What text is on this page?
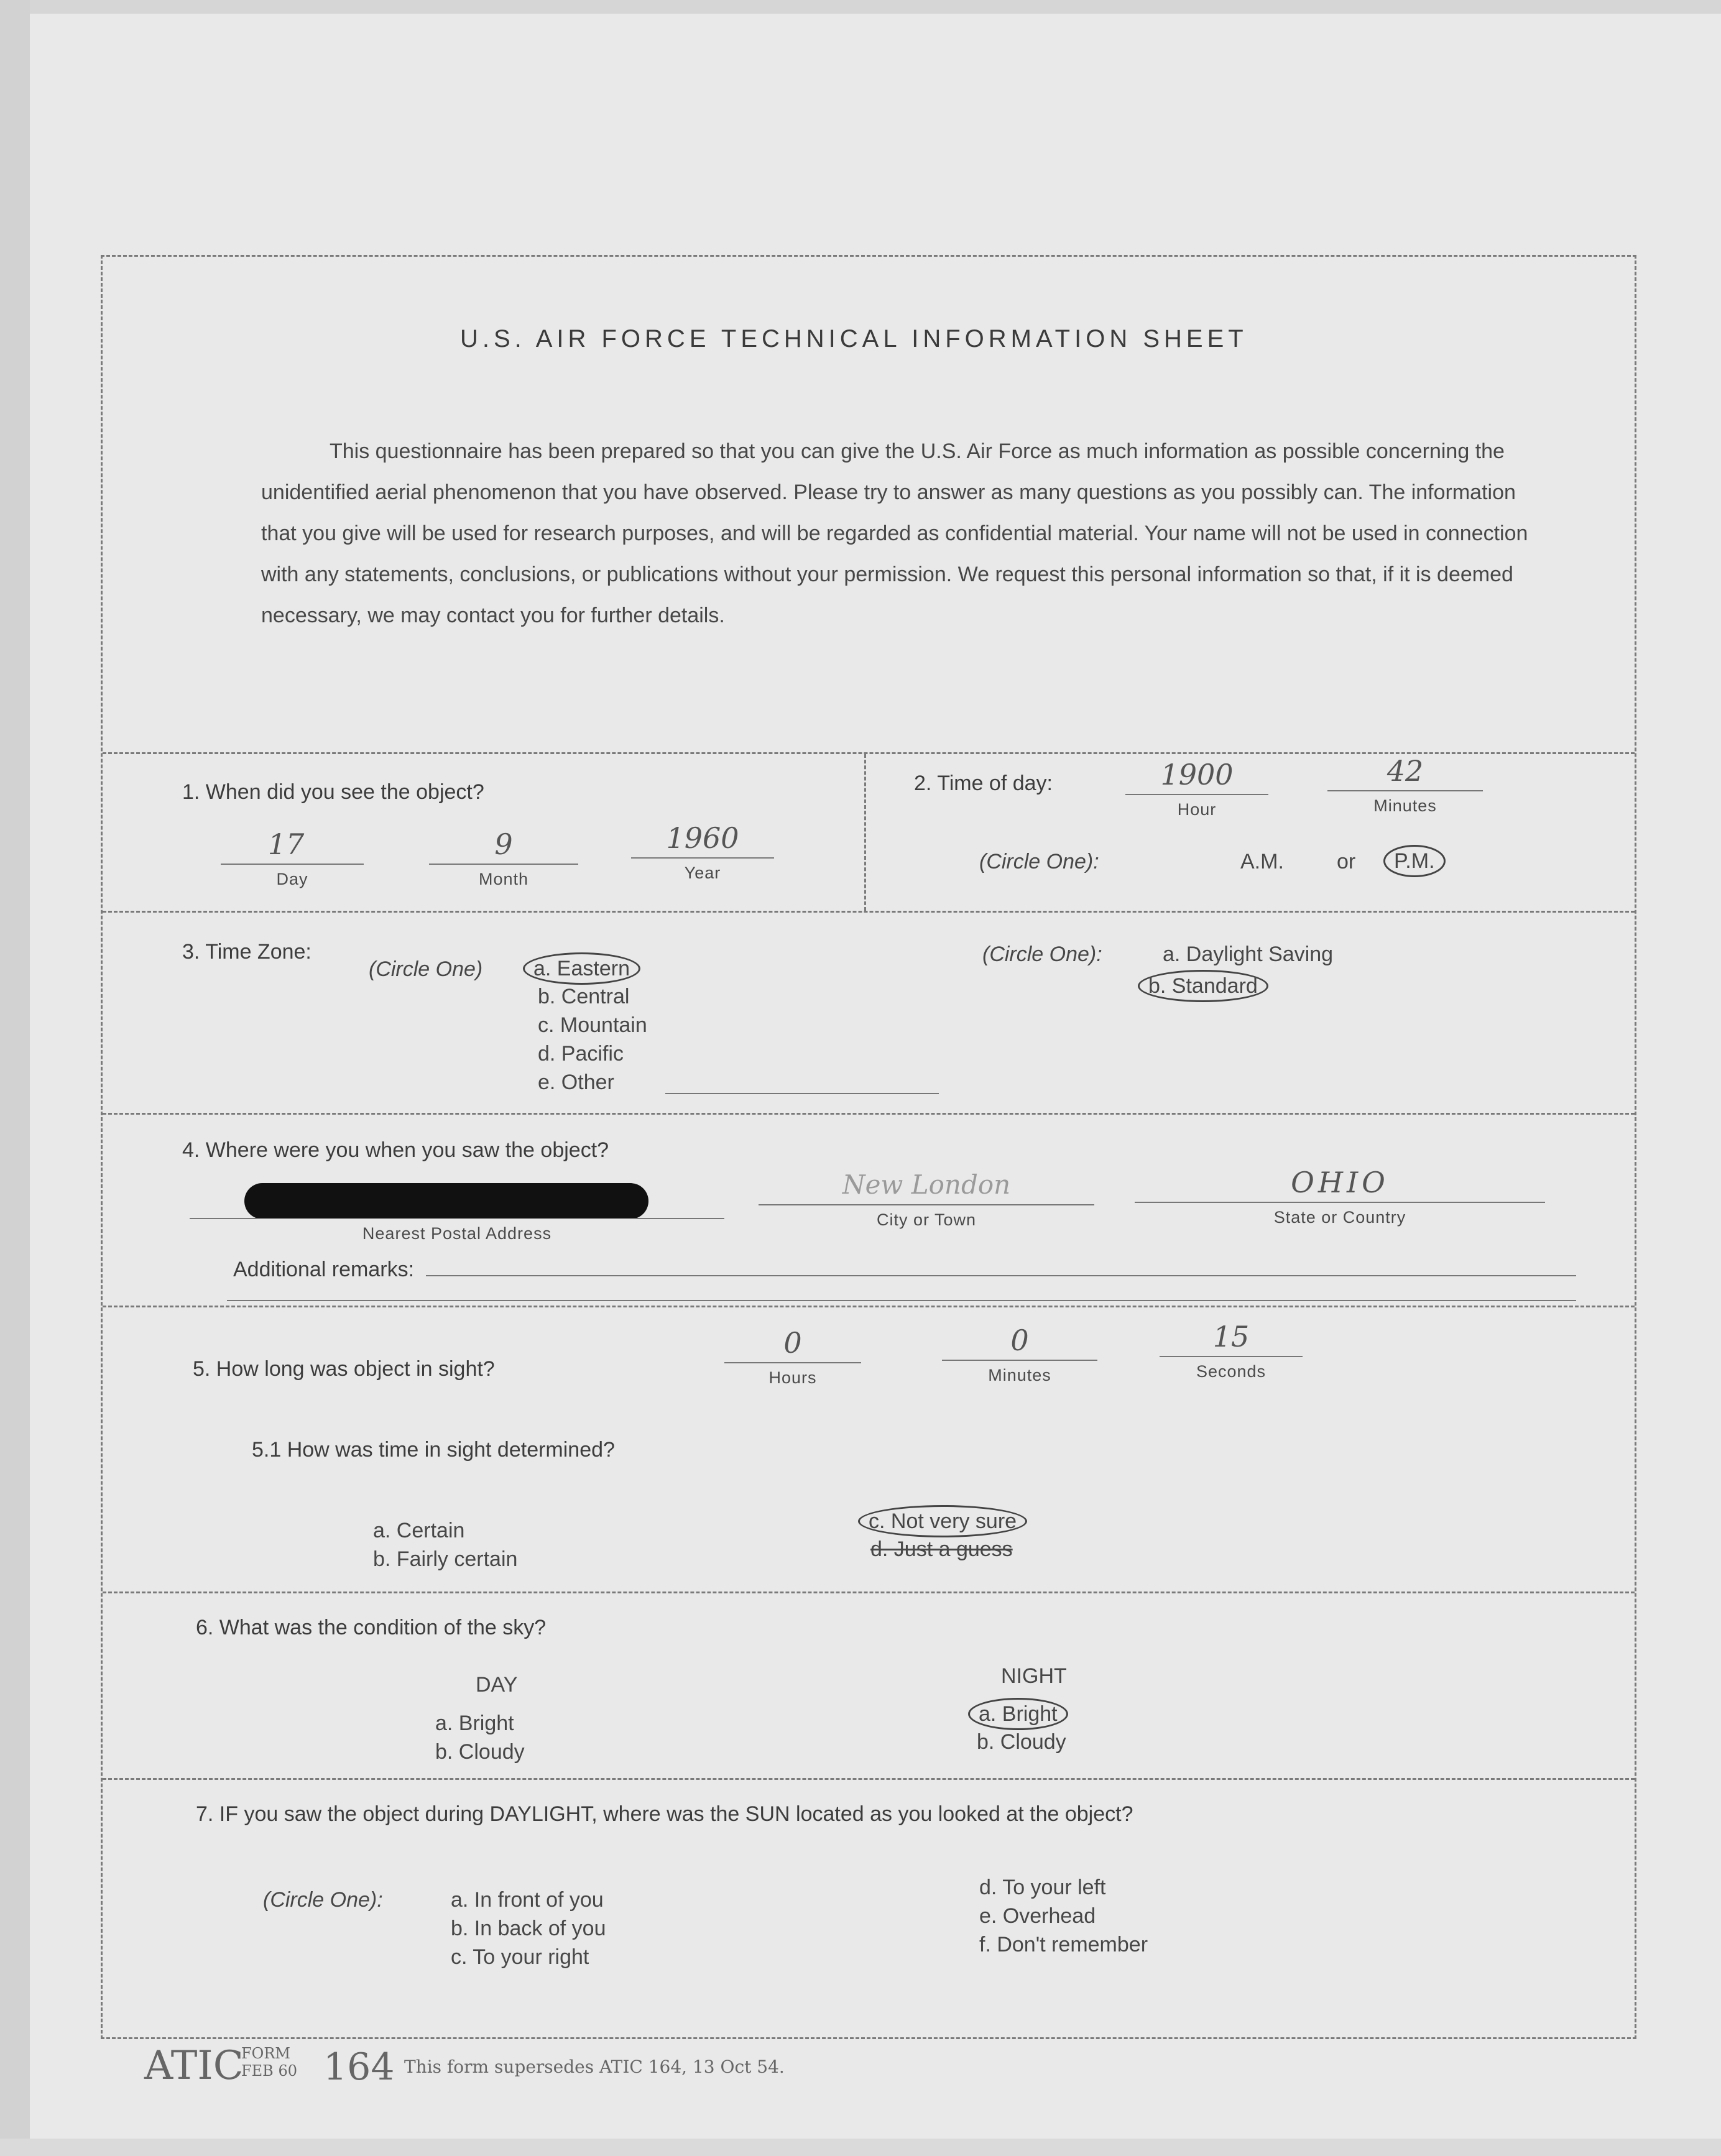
U.S. AIR FORCE TECHNICAL INFORMATION SHEET
This questionnaire has been prepared so that you can give the U.S. Air Force as much information as possible concerning the unidentified aerial phenomenon that you have observed. Please try to answer as many questions as you possibly can. The information that you give will be used for research purposes, and will be regarded as confidential material. Your name will not be used in connection with any statements, conclusions, or publications without your permission. We request this personal information so that, if it is deemed necessary, we may contact you for further details.
1. When did you see the object?
17
Day
9
Month
1960
Year
2. Time of day:	1900
Hour
42
Minutes
(Circle One):	A.M.	or	P.M.
3. Time Zone:
(Circle One)	a. Eastern
b. Central
c. Mountain
d. Pacific
e. Other
(Circle One):	a. Daylight Saving
b. Standard
4. Where were you when you saw the object?
Nearest Postal Address
New London
City or Town
OHIO
State or Country
Additional remarks:
5. How long was object in sight?
0
Hours
0
Minutes
15
Seconds
5.1 How was time in sight determined?
a. Certain
b. Fairly certain
c. Not very sure
d. Just a guess
6. What was the condition of the sky?
DAY
a. Bright
b. Cloudy
NIGHT
a. Bright
b. Cloudy
7. IF you saw the object during DAYLIGHT, where was the SUN located as you looked at the object?
(Circle One):	a. In front of you
b. In back of you
c. To your right
d. To your left
e. Overhead
f. Don't remember
ATIC
FORM
FEB 60 164 This form supersedes ATIC 164, 13 Oct 54.
